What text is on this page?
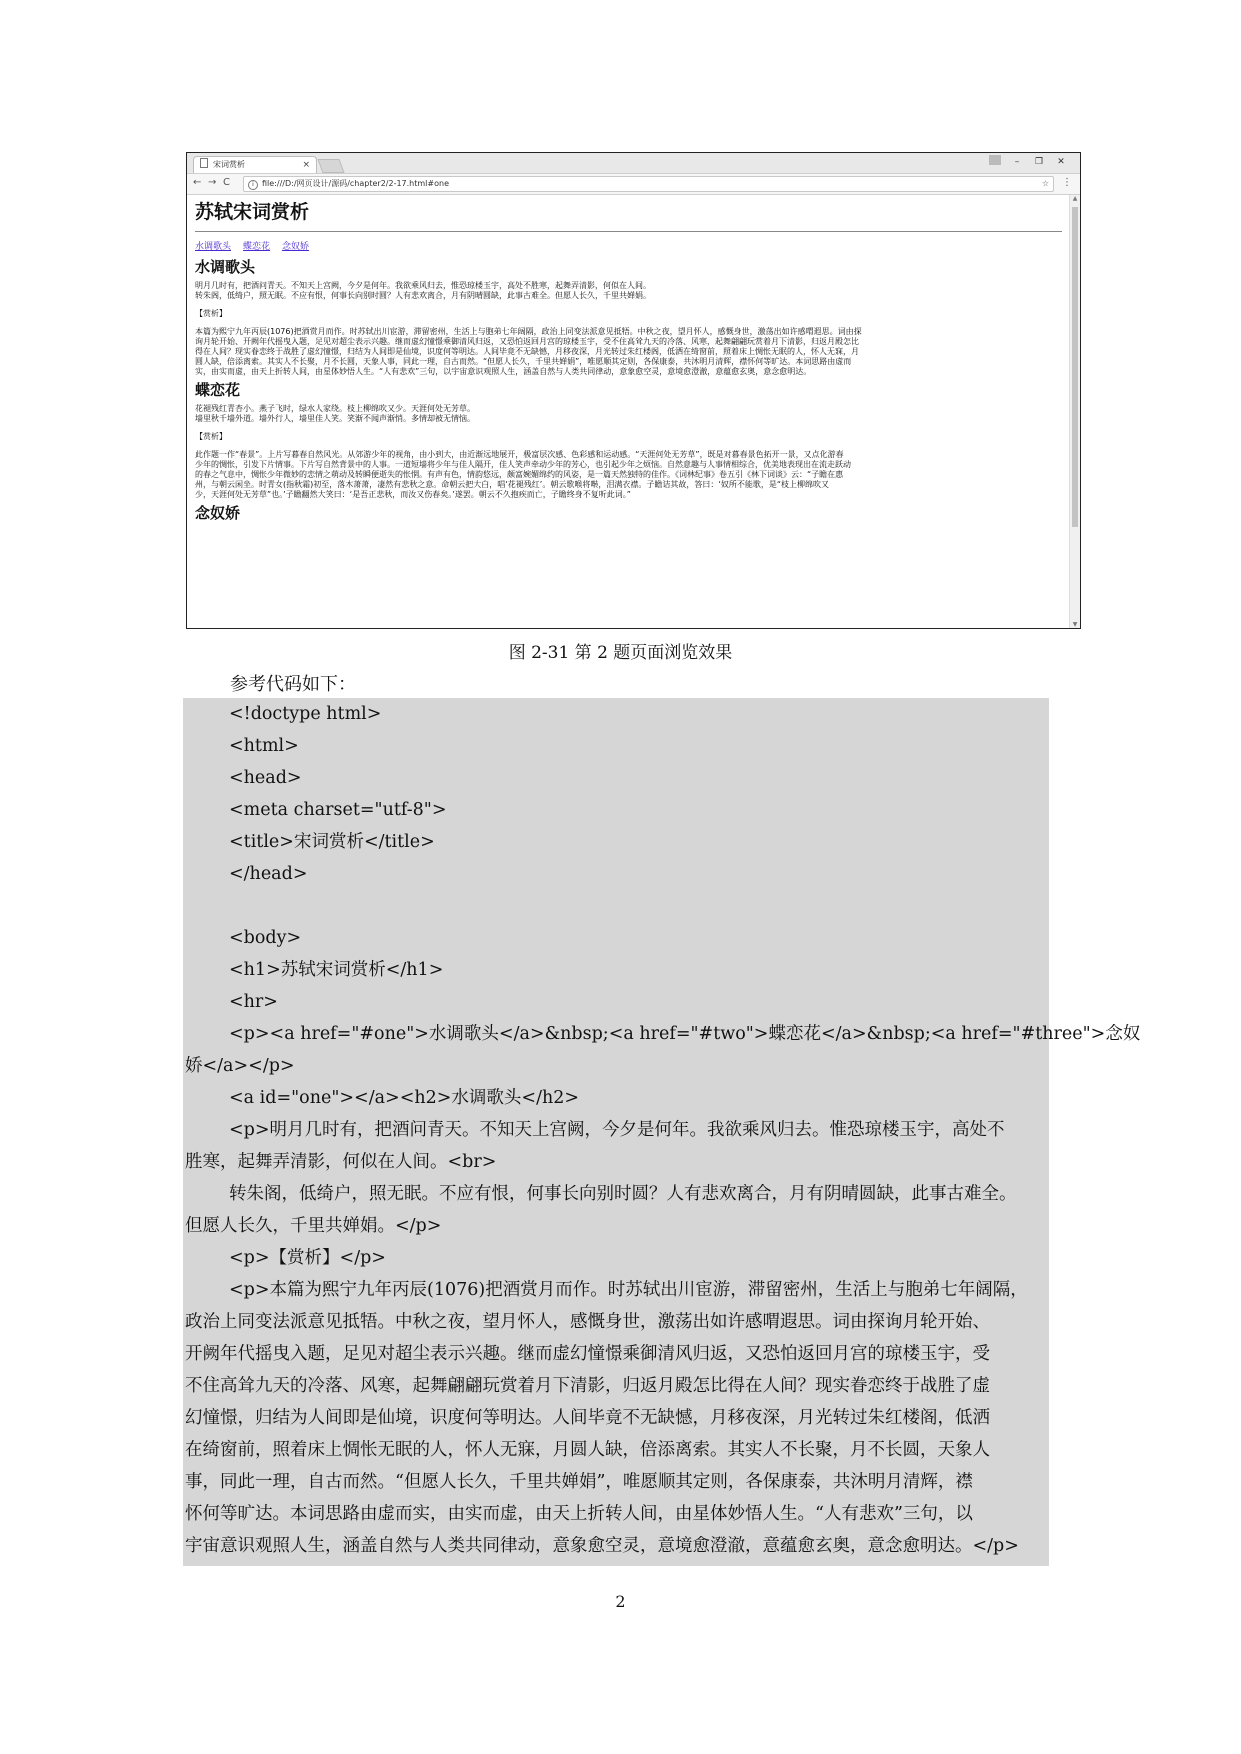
宋词赏析	×	– ❐ ✕
← → C	i file:///D:/网页设计/源码/chapter2/2-17.html#one	☆ ⋮
苏轼宋词赏析
水调歌头 蝶恋花 念奴娇
水调歌头
明月几时有，把酒问青天。不知天上宫阙，今夕是何年。我欲乘风归去，惟恐琼楼玉宇，高处不胜寒，起舞弄清影，何似在人间。
转朱阁，低绮户，照无眠。不应有恨，何事长向别时圆？人有悲欢离合，月有阴晴圆缺，此事古难全。但愿人长久，千里共婵娟。
【赏析】
本篇为熙宁九年丙辰(1076)把酒赏月而作。时苏轼出川宦游，滞留密州，生活上与胞弟七年阔隔，政治上同变法派意见抵牾。中秋之夜，望月怀人，感慨身世，激荡出如许感喟遐思。词由探
询月轮开始、开阙年代摇曳入题，足见对超尘表示兴趣。继而虚幻憧憬乘御清风归返，又恐怕返回月宫的琼楼玉宇，受不住高耸九天的冷落、风寒，起舞翩翩玩赏着月下清影，归返月殿怎比
得在人间？现实眷恋终于战胜了虚幻憧憬，归结为人间即是仙境，识度何等明达。人间毕竟不无缺憾，月移夜深，月光转过朱红楼阁，低洒在绮窗前，照着床上惆怅无眠的人，怀人无寐，月
圆人缺，倍添离索。其实人不长聚，月不长圆，天象人事，同此一理，自古而然。“但愿人长久，千里共婵娟”，唯愿顺其定则，各保康泰，共沐明月清辉，襟怀何等旷达。本词思路由虚而
实，由实而虚，由天上折转人间，由星体妙悟人生。“人有悲欢”三句，以宇宙意识观照人生，涵盖自然与人类共同律动，意象愈空灵，意境愈澄澈，意蕴愈玄奥，意念愈明达。
蝶恋花
花褪残红青杏小。燕子飞时，绿水人家绕。枝上柳绵吹又少。天涯何处无芳草。
墙里秋千墙外道。墙外行人，墙里佳人笑。笑渐不闻声渐悄。多情却被无情恼。
【赏析】
此作题一作“春景”。上片写暮春自然风光。从郊游少年的视角，由小到大，由近渐远地展开，极富层次感、色彩感和运动感。“天涯何处无芳草”，既是对暮春景色拓开一景，又点化游春
少年的惆怅，引发下片情事。下片写自然背景中的人事。一道短墙将少年与佳人隔开，佳人笑声牵动少年的芳心，也引起少年之烦恼。自然意趣与人事情相综合，优美地表现出在流走跃动
的春之气息中，惆怅少年微妙的恋情之萌动及转瞬便逝失的怅惘。有声有色，情韵悠远，颇富婉媚绵约的风姿，是一篇天然独特的佳作。《词林纪事》卷五引《林下词谈》云：“子瞻在惠
州，与朝云闲坐。时青女(指秋霜)初至，落木萧萧，凄然有悲秋之意。命朝云把大白，唱‘花褪残红’。朝云歌喉将啭，泪满衣襟。子瞻诘其故，答曰：‘奴所不能歌，是“枝上柳绵吹又
少，天涯何处无芳草”也。’子瞻翻然大笑曰：‘是吾正悲秋，而汝又伤春矣。’遂罢。朝云不久抱疾而亡，子瞻终身不复听此词。”
念奴娇
▲
▼
图 2-31 第 2 题页面浏览效果
参考代码如下：
<!doctype html>
<html>
<head>
<meta charset="utf-8">
<title>宋词赏析</title>
</head>
<body>
<h1>苏轼宋词赏析</h1>
<hr>
<p><a href="#one">水调歌头</a>&nbsp;<a href="#two">蝶恋花</a>&nbsp;<a href="#three">念奴
娇</a></p>
<a id="one"></a><h2>水调歌头</h2>
<p>明月几时有，把酒问青天。不知天上宫阙，今夕是何年。我欲乘风归去。惟恐琼楼玉宇，高处不
胜寒，起舞弄清影，何似在人间。<br>
转朱阁，低绮户，照无眠。不应有恨，何事长向别时圆？人有悲欢离合，月有阴晴圆缺，此事古难全。
但愿人长久，千里共婵娟。</p>
<p>【赏析】</p>
<p>本篇为熙宁九年丙辰(1076)把酒赏月而作。时苏轼出川宦游，滞留密州，生活上与胞弟七年阔隔，
政治上同变法派意见抵牾。中秋之夜，望月怀人，感慨身世，激荡出如许感喟遐思。词由探询月轮开始、
开阙年代摇曳入题，足见对超尘表示兴趣。继而虚幻憧憬乘御清风归返，又恐怕返回月宫的琼楼玉宇，受
不住高耸九天的冷落、风寒，起舞翩翩玩赏着月下清影，归返月殿怎比得在人间？现实眷恋终于战胜了虚
幻憧憬，归结为人间即是仙境，识度何等明达。人间毕竟不无缺憾，月移夜深，月光转过朱红楼阁，低洒
在绮窗前，照着床上惆怅无眠的人，怀人无寐，月圆人缺，倍添离索。其实人不长聚，月不长圆，天象人
事，同此一理，自古而然。“但愿人长久，千里共婵娟”，唯愿顺其定则，各保康泰，共沐明月清辉，襟
怀何等旷达。本词思路由虚而实，由实而虚，由天上折转人间，由星体妙悟人生。“人有悲欢”三句，以
宇宙意识观照人生，涵盖自然与人类共同律动，意象愈空灵，意境愈澄澈，意蕴愈玄奥，意念愈明达。</p>
2
